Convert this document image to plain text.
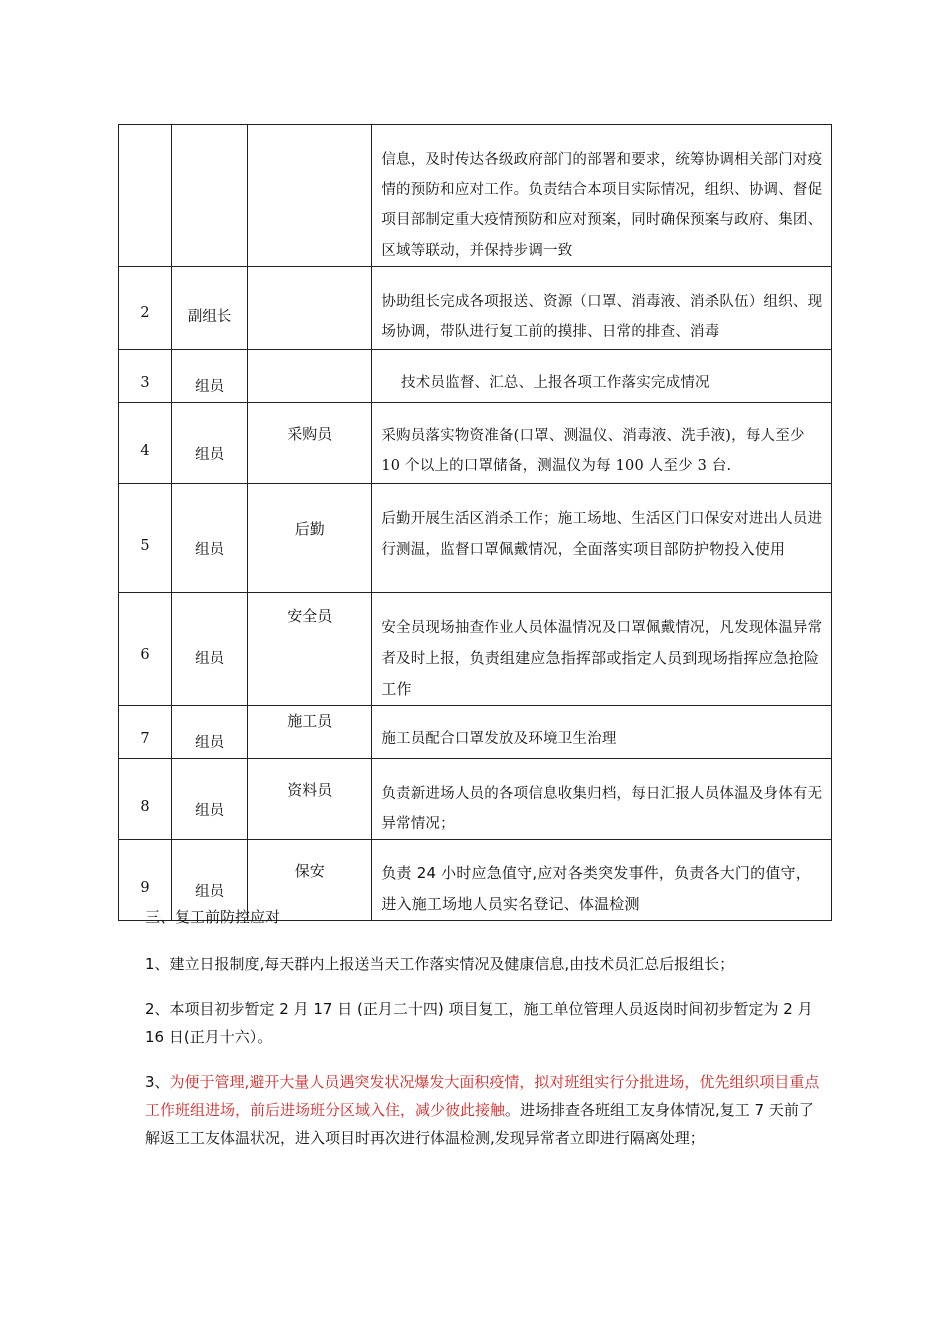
			信息，及时传达各级政府部门的部署和要求，统筹协调相关部门对疫情的预防和应对工作。负责结合本项目实际情况，组织、协调、督促项目部制定重大疫情预防和应对预案，同时确保预案与政府、集团、区域等联动，并保持步调一致

2	副组长		协助组长完成各项报送、资源（口罩、消毒液、消杀队伍）组织、现场协调，带队进行复工前的摸排、日常的排查、消毒

3	组员		　技术员监督、汇总、上报各项工作落实完成情况

4	组员	采购员	采购员落实物资准备(口罩、测温仪、消毒液、洗手液)，每人至少 10 个以上的口罩储备，测温仪为每 100 人至少 3 台.

5	组员	后勤	后勤开展生活区消杀工作；施工场地、生活区门口保安对进出人员进行测温，监督口罩佩戴情况，全面落实项目部防护物投入使用

6	组员	安全员	安全员现场抽查作业人员体温情况及口罩佩戴情况，凡发现体温异常者及时上报，负责组建应急指挥部或指定人员到现场指挥应急抢险工作

7	组员	施工员	施工员配合口罩发放及环境卫生治理

8	组员	资料员	负责新进场人员的各项信息收集归档，每日汇报人员体温及身体有无异常情况；

9	组员	保安	负责 24 小时应急值守,应对各类突发事件，负责各大门的值守，进入施工场地人员实名登记、体温检测
三、复工前防控应对
1、建立日报制度,每天群内上报送当天工作落实情况及健康信息,由技术员汇总后报组长；
2、本项目初步暂定 2 月 17 日 (正月二十四) 项目复工，施工单位管理人员返岗时间初步暂定为 2 月 16 日(正月十六）。
3、为便于管理,避开大量人员遇突发状况爆发大面积疫情，拟对班组实行分批进场，优先组织项目重点工作班组进场，前后进场班分区域入住，减少彼此接触。进场排查各班组工友身体情况,复工 7 天前了解返工工友体温状况，进入项目时再次进行体温检测,发现异常者立即进行隔离处理；
